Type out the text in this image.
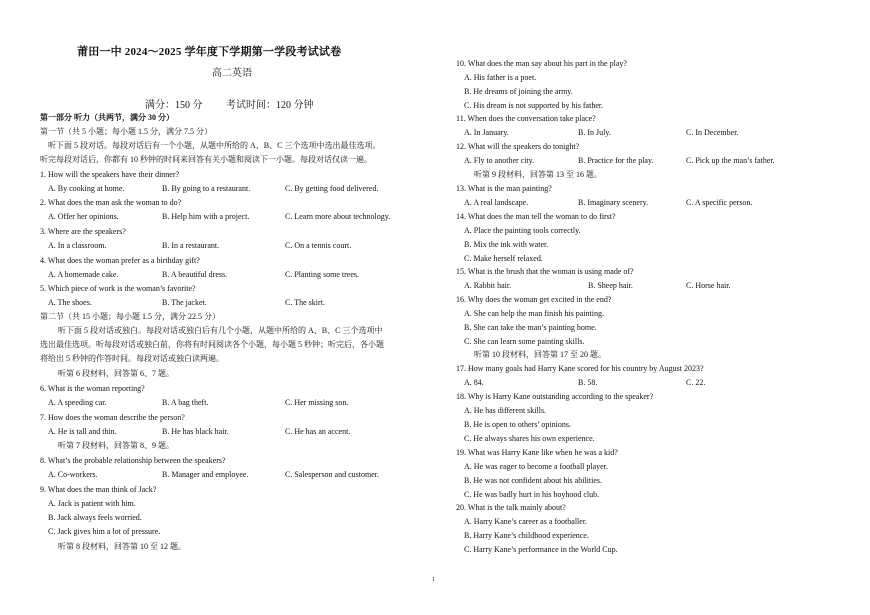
莆田一中 2024～2025 学年度下学期第一学段考试试卷
高二英语
满分：150 分 考试时间：120 分钟
第一部分 听力（共两节，满分 30 分）
第一节（共 5 小题；每小题 1.5 分，满分 7.5 分）
听下面 5 段对话。每段对话后有一个小题，从题中所给的 A、B、C 三个选项中选出最佳选项。
听完每段对话后，你都有 10 秒钟的时间来回答有关小题和阅读下一小题。每段对话仅读一遍。
1. How will the speakers have their dinner?
A. By cooking at home.	B. By going to a restaurant.	C. By getting food delivered.
2. What does the man ask the woman to do?
A. Offer her opinions.	B. Help him with a project.	C. Learn more about technology.
3. Where are the speakers?
A. In a classroom.	B. In a restaurant.	C. On a tennis court.
4. What does the woman prefer as a birthday gift?
A. A homemade cake.	B. A beautiful dress.	C. Planting some trees.
5. Which piece of work is the woman’s favorite?
A. The shoes.	B. The jacket.	C. The skirt.
第二节（共 15 小题；每小题 1.5 分，满分 22.5 分）
听下面 5 段对话或独白。每段对话或独白后有几个小题，从题中所给的 A、B、C 三个选项中
选出最佳选项。听每段对话或独白前，你将有时间阅读各个小题，每小题 5 秒钟；听完后，各小题
将给出 5 秒钟的作答时间。每段对话或独白读两遍。
听第 6 段材料，回答第 6、7 题。
6. What is the woman reporting?
A. A speeding car.	B. A bag theft.	C. Her missing son.
7. How does the woman describe the person?
A. He is tall and thin.	B. He has black hair.	C. He has an accent.
听第 7 段材料，回答第 8、9 题。
8. What’s the probable relationship between the speakers?
A. Co-workers.	B. Manager and employee.	C. Salesperson and customer.
9. What does the man think of Jack?
A. Jack is patient with him.
B. Jack always feels worried.
C. Jack gives him a lot of pressure.
听第 8 段材料，回答第 10 至 12 题。
10. What does the man say about his part in the play?
A. His father is a poet.
B. He dreams of joining the army.
C. His dream is not supported by his father.
11. When does the conversation take place?
A. In January.	B. In July.	C. In December.
12. What will the speakers do tonight?
A. Fly to another city.	B. Practice for the play.	C. Pick up the man’s father.
听第 9 段材料，回答第 13 至 16 题。
13. What is the man painting?
A. A real landscape.	B. Imaginary scenery.	C. A specific person.
14. What does the man tell the woman to do first?
A. Place the painting tools correctly.
B. Mix the ink with water.
C. Make herself relaxed.
15. What is the brush that the woman is using made of?
A. Rabbit hair.	B. Sheep hair.	C. Horse hair.
16. Why does the woman get excited in the end?
A. She can help the man finish his painting.
B. She can take the man’s painting home.
C. She can learn some painting skills.
听第 10 段材料，回答第 17 至 20 题。
17. How many goals had Harry Kane scored for his country by August 2023?
A. 84.	B. 58.	C. 22.
18. Why is Harry Kane outstanding according to the speaker?
A. He has different skills.
B. He is open to others’ opinions.
C. He always shares his own experience.
19. What was Harry Kane like when he was a kid?
A. He was eager to become a football player.
B. He was not confident about his abilities.
C. He was badly hurt in his boyhood club.
20. What is the talk mainly about?
A. Harry Kane’s career as a footballer.
B. Harry Kane’s childhood experience.
C. Harry Kane’s performance in the World Cup.
1
